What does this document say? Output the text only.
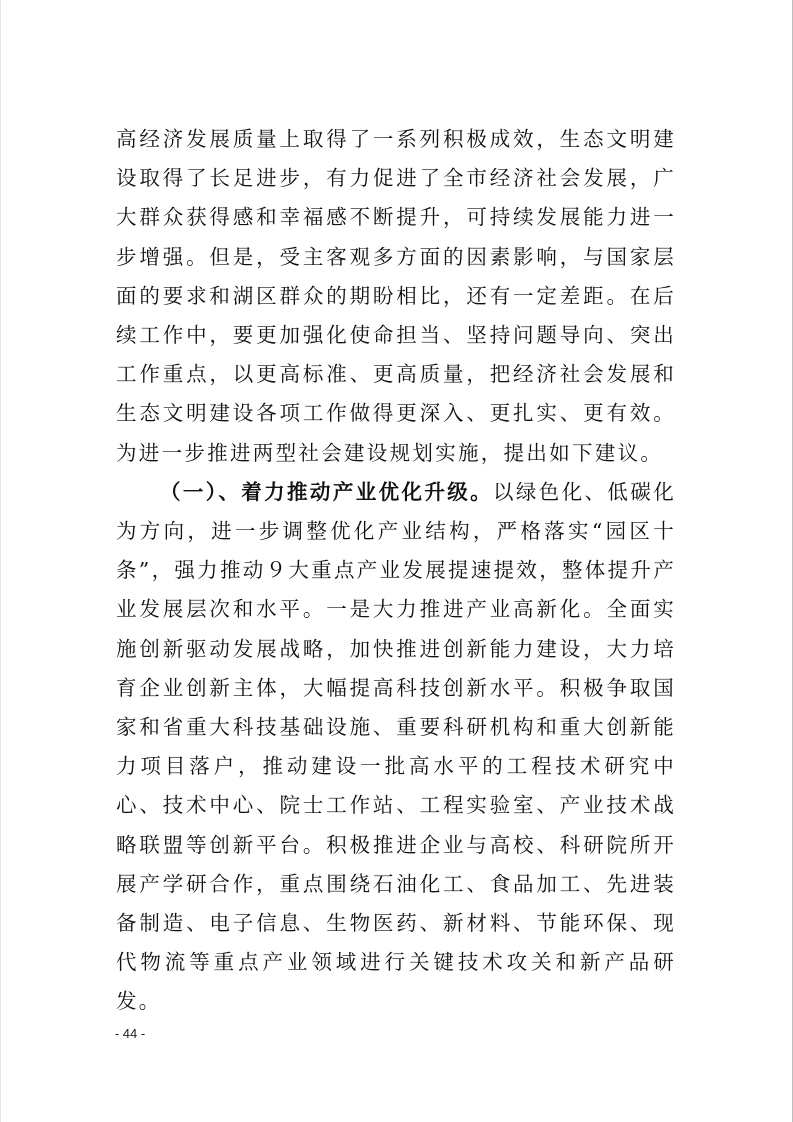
高经济发展质量上取得了一系列积极成效，生态文明建设取得了长足进步，有力促进了全市经济社会发展，广大群众获得感和幸福感不断提升，可持续发展能力进一步增强。但是，受主客观多方面的因素影响，与国家层面的要求和湖区群众的期盼相比，还有一定差距。在后续工作中，要更加强化使命担当、坚持问题导向、突出工作重点，以更高标准、更高质量，把经济社会发展和生态文明建设各项工作做得更深入、更扎实、更有效。为进一步推进两型社会建设规划实施，提出如下建议。

（一）、着力推动产业优化升级。以绿色化、低碳化为方向，进一步调整优化产业结构，严格落实“园区十条”，强力推动９大重点产业发展提速提效，整体提升产业发展层次和水平。一是大力推进产业高新化。全面实施创新驱动发展战略，加快推进创新能力建设，大力培育企业创新主体，大幅提高科技创新水平。积极争取国家和省重大科技基础设施、重要科研机构和重大创新能力项目落户，推动建设一批高水平的工程技术研究中心、技术中心、院士工作站、工程实验室、产业技术战略联盟等创新平台。积极推进企业与高校、科研院所开展产学研合作，重点围绕石油化工、食品加工、先进装备制造、电子信息、生物医药、新材料、节能环保、现代物流等重点产业领域进行关键技术攻关和新产品研发。

- 44 -
